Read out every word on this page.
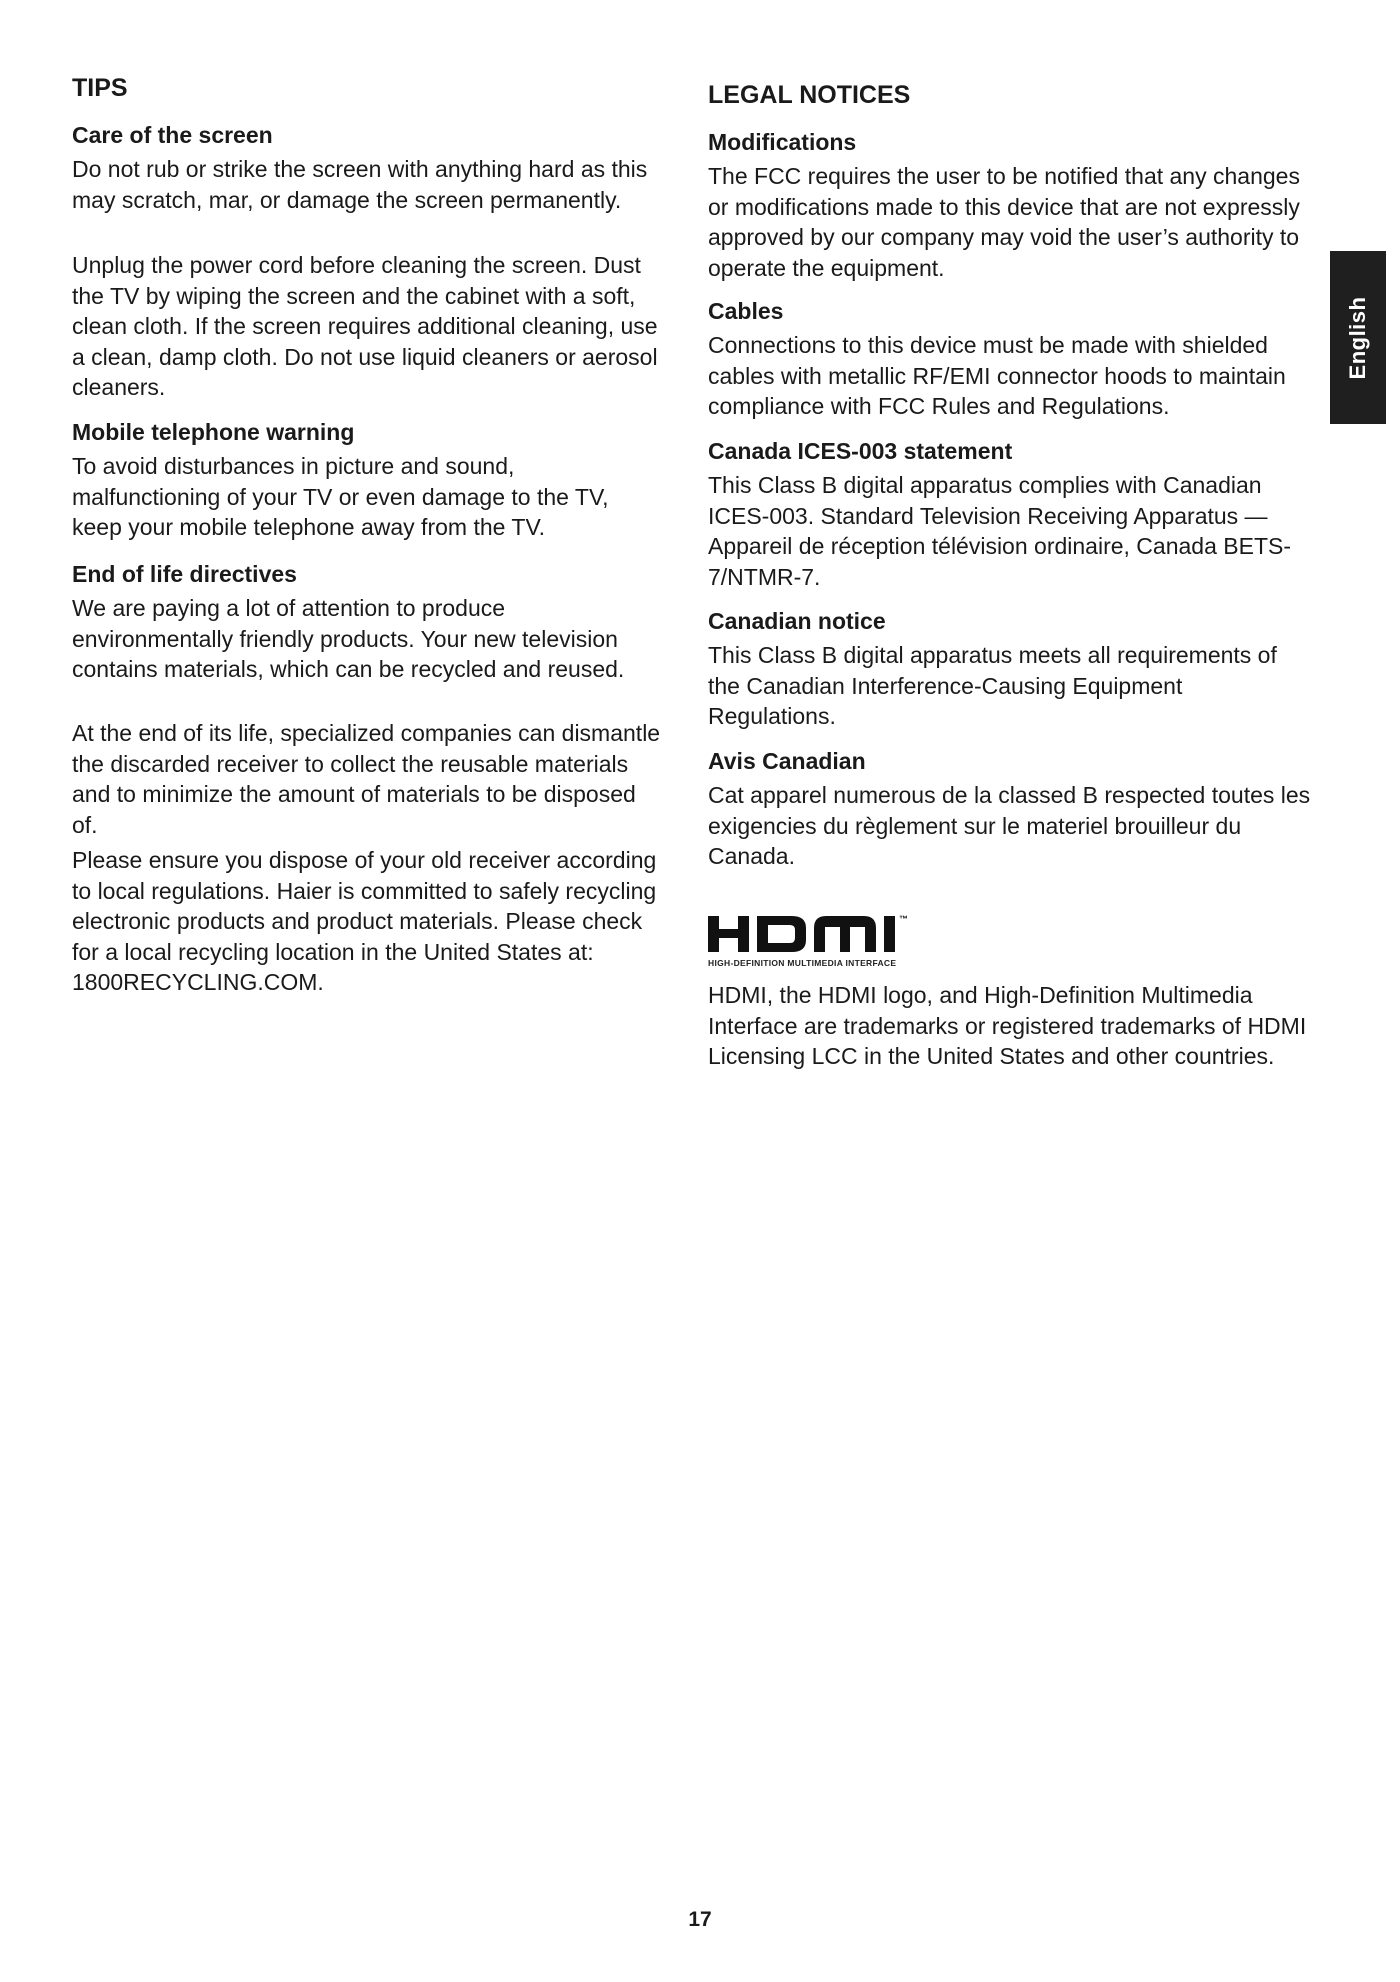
TIPS
Care of the screen

Do not rub or strike the screen with anything hard as this may scratch, mar, or damage the screen permanently.

Unplug the power cord before cleaning the screen. Dust the TV by wiping the screen and the cabinet with a soft, clean cloth. If the screen requires additional cleaning, use a clean, damp cloth. Do not use liquid cleaners or aerosol cleaners.

Mobile telephone warning

To avoid disturbances in picture and sound, malfunctioning of your TV or even damage to the TV, keep your mobile telephone away from the TV.

End of life directives

We are paying a lot of attention to produce environmentally friendly products. Your new television contains materials, which can be recycled and reused.

At the end of its life, specialized companies can dismantle the discarded receiver to collect the reusable materials and to minimize the amount of materials to be disposed of.

Please ensure you dispose of your old receiver according to local regulations. Haier is committed to safely recycling electronic products and product materials. Please check for a local recycling location in the United States at: 1800RECYCLING.COM.

LEGAL NOTICES
Modifications

The FCC requires the user to be notified that any changes or modifications made to this device that are not expressly approved by our company may void the user’s authority to operate the equipment.

Cables

Connections to this device must be made with shielded cables with metallic RF/EMI connector hoods to maintain compliance with FCC Rules and Regulations.

Canada ICES-003 statement

This Class B digital apparatus complies with Canadian ICES-003. Standard Television Receiving Apparatus — Appareil de réception télévision ordinaire, Canada BETS-7/NTMR-7.

Canadian notice

This Class B digital apparatus meets all requirements of the Canadian Interference-Causing Equipment Regulations.

Avis Canadian

Cat apparel numerous de la classed B respected toutes les exigencies du règlement sur le materiel brouilleur du Canada.

HDMI, the HDMI logo, and High-Definition Multimedia Interface are trademarks or registered trademarks of HDMI Licensing LCC in the United States and other countries.

™
HIGH-DEFINITION MULTIMEDIA INTERFACE
English
17
